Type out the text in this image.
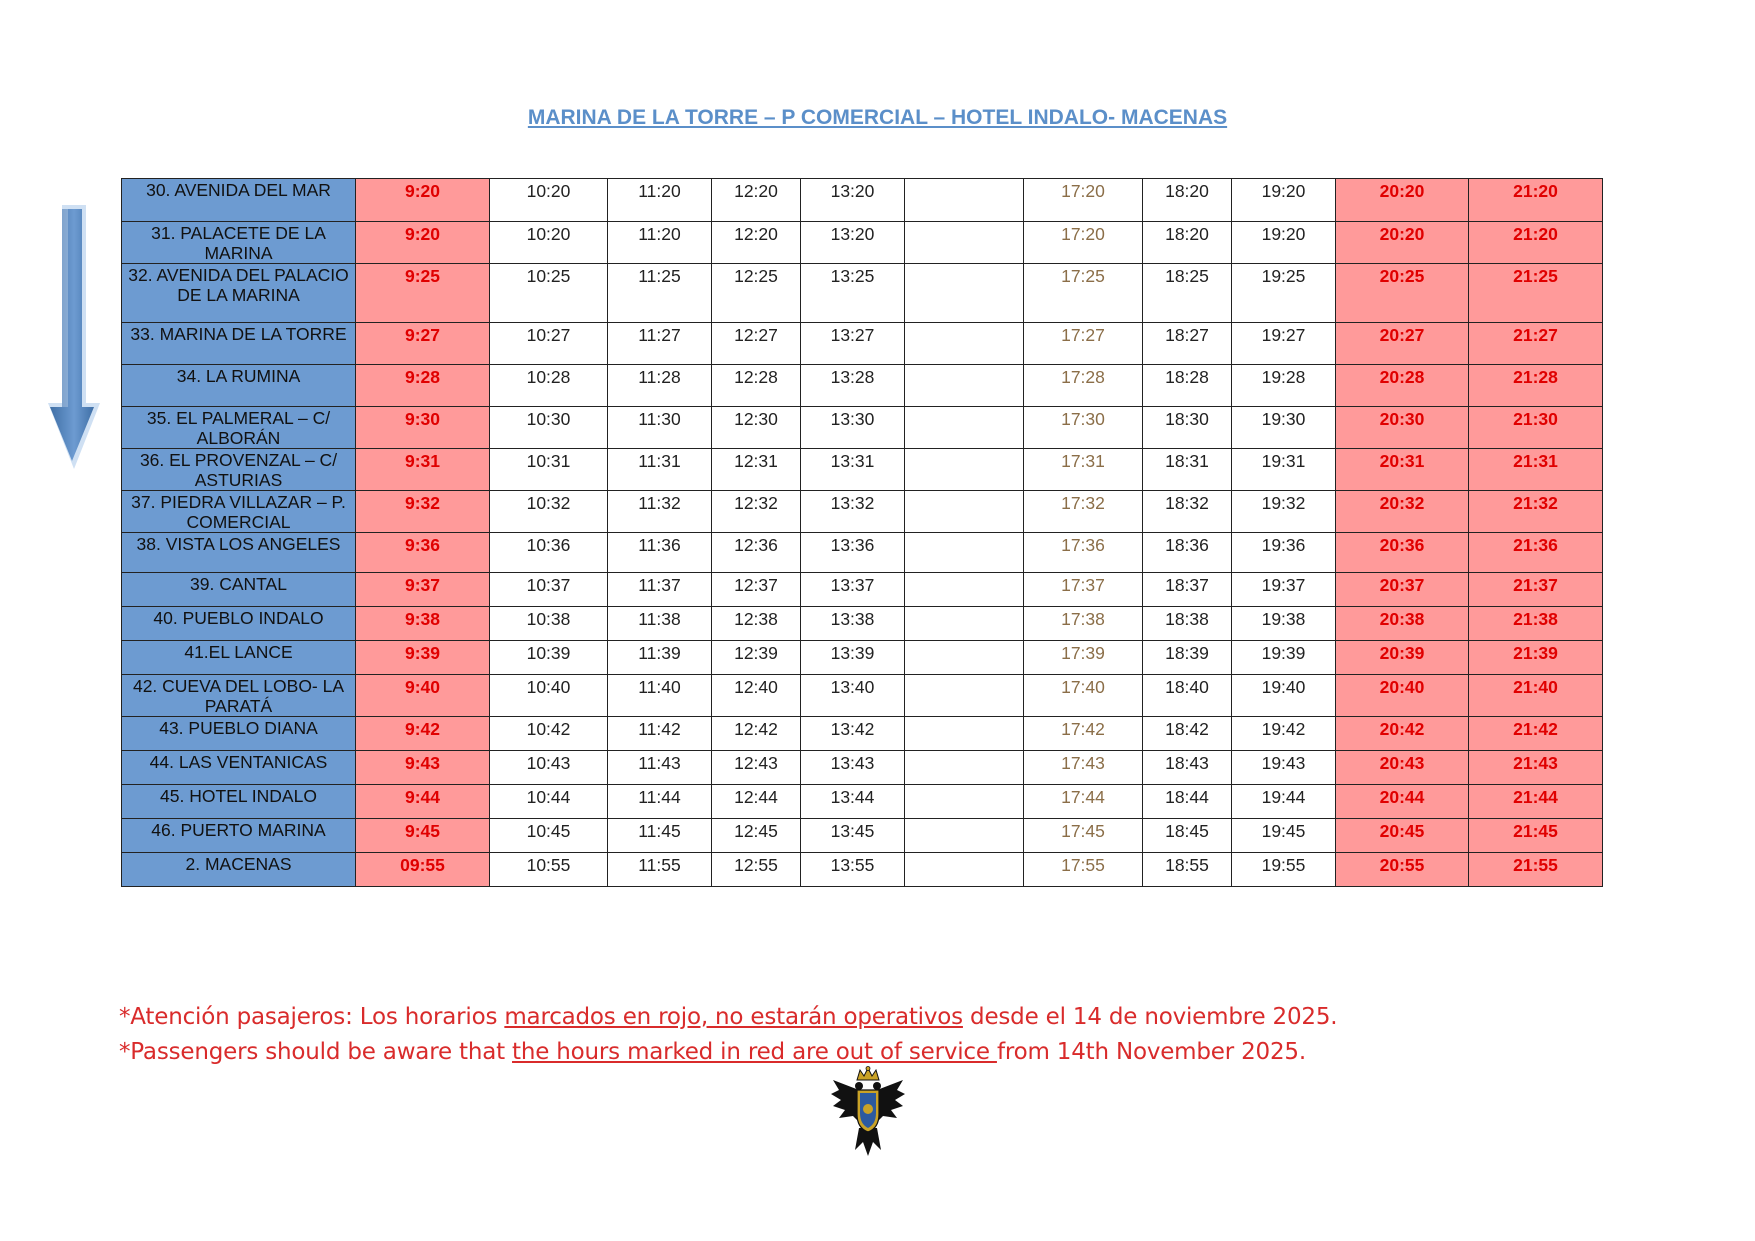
MARINA DE LA TORRE – P COMERCIAL – HOTEL INDALO- MACENAS
30. AVENIDA DEL MAR	9:20	10:20	11:20	12:20	13:20		17:20	18:20	19:20	20:20	21:20
31. PALACETE DE LA MARINA	9:20	10:20	11:20	12:20	13:20		17:20	18:20	19:20	20:20	21:20
32. AVENIDA DEL PALACIO DE LA MARINA	9:25	10:25	11:25	12:25	13:25		17:25	18:25	19:25	20:25	21:25
33. MARINA DE LA TORRE	9:27	10:27	11:27	12:27	13:27		17:27	18:27	19:27	20:27	21:27
34. LA RUMINA	9:28	10:28	11:28	12:28	13:28		17:28	18:28	19:28	20:28	21:28
35. EL PALMERAL – C/ ALBORÁN	9:30	10:30	11:30	12:30	13:30		17:30	18:30	19:30	20:30	21:30
36. EL PROVENZAL – C/ ASTURIAS	9:31	10:31	11:31	12:31	13:31		17:31	18:31	19:31	20:31	21:31
37. PIEDRA VILLAZAR – P. COMERCIAL	9:32	10:32	11:32	12:32	13:32		17:32	18:32	19:32	20:32	21:32
38. VISTA LOS ANGELES	9:36	10:36	11:36	12:36	13:36		17:36	18:36	19:36	20:36	21:36
39. CANTAL	9:37	10:37	11:37	12:37	13:37		17:37	18:37	19:37	20:37	21:37
40. PUEBLO INDALO	9:38	10:38	11:38	12:38	13:38		17:38	18:38	19:38	20:38	21:38
41.EL LANCE	9:39	10:39	11:39	12:39	13:39		17:39	18:39	19:39	20:39	21:39
42. CUEVA DEL LOBO- LA PARATÁ	9:40	10:40	11:40	12:40	13:40		17:40	18:40	19:40	20:40	21:40
43. PUEBLO DIANA	9:42	10:42	11:42	12:42	13:42		17:42	18:42	19:42	20:42	21:42
44. LAS VENTANICAS	9:43	10:43	11:43	12:43	13:43		17:43	18:43	19:43	20:43	21:43
45. HOTEL INDALO	9:44	10:44	11:44	12:44	13:44		17:44	18:44	19:44	20:44	21:44
46. PUERTO MARINA	9:45	10:45	11:45	12:45	13:45		17:45	18:45	19:45	20:45	21:45
2. MACENAS	09:55	10:55	11:55	12:55	13:55		17:55	18:55	19:55	20:55	21:55
*Atención pasajeros: Los horarios marcados en rojo, no estarán operativos desde el 14 de noviembre 2025.
*Passengers should be aware that the hours marked in red are out of service from 14th November 2025.
